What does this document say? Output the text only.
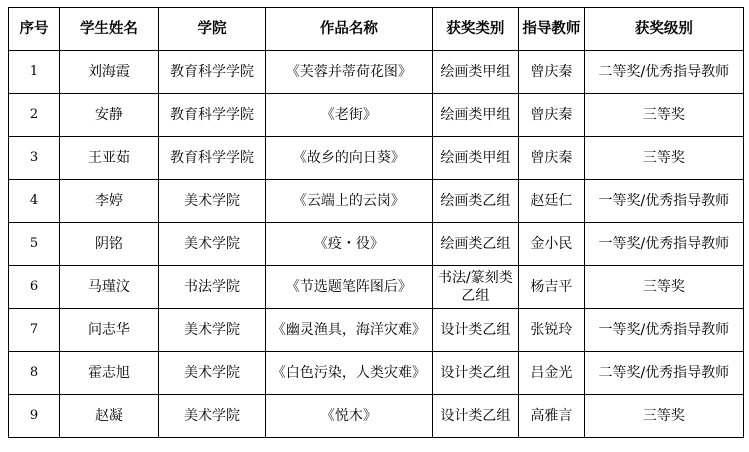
序号	学生姓名	学院	作品名称	获奖类别	指导教师	获奖级别
1	刘海霞	教育科学学院	《芙蓉并蒂荷花图》	绘画类甲组	曾庆秦	二等奖/优秀指导教师
2	安静	教育科学学院	《老街》	绘画类甲组	曾庆秦	三等奖
3	王亚茹	教育科学学院	《故乡的向日葵》	绘画类甲组	曾庆秦	三等奖
4	李婷	美术学院	《云端上的云岗》	绘画类乙组	赵廷仁	一等奖/优秀指导教师
5	阴铭	美术学院	《疫・役》	绘画类乙组	金小民	一等奖/优秀指导教师
6	马瑾汶	书法学院	《节选题笔阵图后》	书法/篆刻类乙组	杨吉平	三等奖
7	问志华	美术学院	《幽灵渔具，海洋灾难》	设计类乙组	张锐玲	一等奖/优秀指导教师
8	霍志旭	美术学院	《白色污染，人类灾难》	设计类乙组	吕金光	二等奖/优秀指导教师
9	赵凝	美术学院	《悦木》	设计类乙组	高雅言	三等奖
